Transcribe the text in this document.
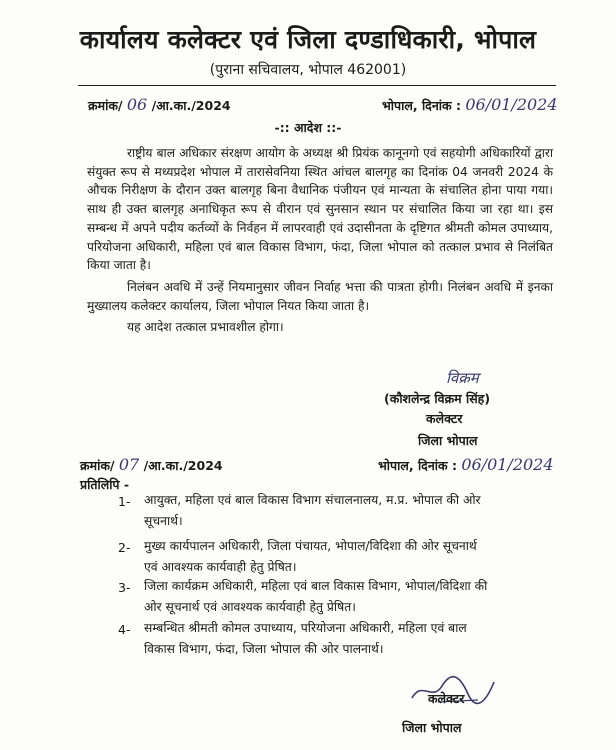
कार्यालय कलेक्टर एवं जिला दण्डाधिकारी, भोपाल
(पुराना सचिवालय, भोपाल 462001)
क्रमांक/ 06 /आ.का./2024	भोपाल, दिनांक : 06/01/2024
-:: आदेश ::-

राष्ट्रीय बाल अधिकार संरक्षण आयोग के अध्यक्ष श्री प्रियंक कानूनगो एवं सहयोगी अधिकारियों द्वारा संयुक्त रूप से मध्यप्रदेश भोपाल में तारासेवनिया स्थित आंचल बालगृह का दिनांक 04 जनवरी 2024 के औचक निरीक्षण के दौरान उक्त बालगृह बिना वैधानिक पंजीयन एवं मान्यता के संचालित होना पाया गया। साथ ही उक्त बालगृह अनाधिकृत रूप से वीरान एवं सुनसान स्थान पर संचालित किया जा रहा था। इस सम्बन्ध में अपने पदीय कर्तव्यों के निर्वहन में लापरवाही एवं उदासीनता के दृष्टिगत श्रीमती कोमल उपाध्याय, परियोजना अधिकारी, महिला एवं बाल विकास विभाग, फंदा, जिला भोपाल को तत्काल प्रभाव से निलंबित किया जाता है।

निलंबन अवधि में उन्हें नियमानुसार जीवन निर्वाह भत्ता की पात्रता होगी। निलंबन अवधि में इनका मुख्यालय कलेक्टर कार्यालय, जिला भोपाल नियत किया जाता है।

यह आदेश तत्काल प्रभावशील होगा।

विक्रम
(कौशलेन्द्र विक्रम सिंह)
कलेक्टर
जिला भोपाल
क्रमांक/ 07 /आ.का./2024	भोपाल, दिनांक : 06/01/2024
प्रतिलिपि -
1- आयुक्त, महिला एवं बाल विकास विभाग संचालनालय, म.प्र. भोपाल की ओर
सूचनार्थ।
2- मुख्य कार्यपालन अधिकारी, जिला पंचायत, भोपाल/विदिशा की ओर सूचनार्थ
एवं आवश्यक कार्यवाही हेतु प्रेषित।
3- जिला कार्यक्रम अधिकारी, महिला एवं बाल विकास विभाग, भोपाल/विदिशा की
ओर सूचनार्थ एवं आवश्यक कार्यवाही हेतु प्रेषित।
4- सम्बन्धित श्रीमती कोमल उपाध्याय, परियोजना अधिकारी, महिला एवं बाल
विकास विभाग, फंदा, जिला भोपाल की ओर पालनार्थ।
कलेक्टर
जिला भोपाल
